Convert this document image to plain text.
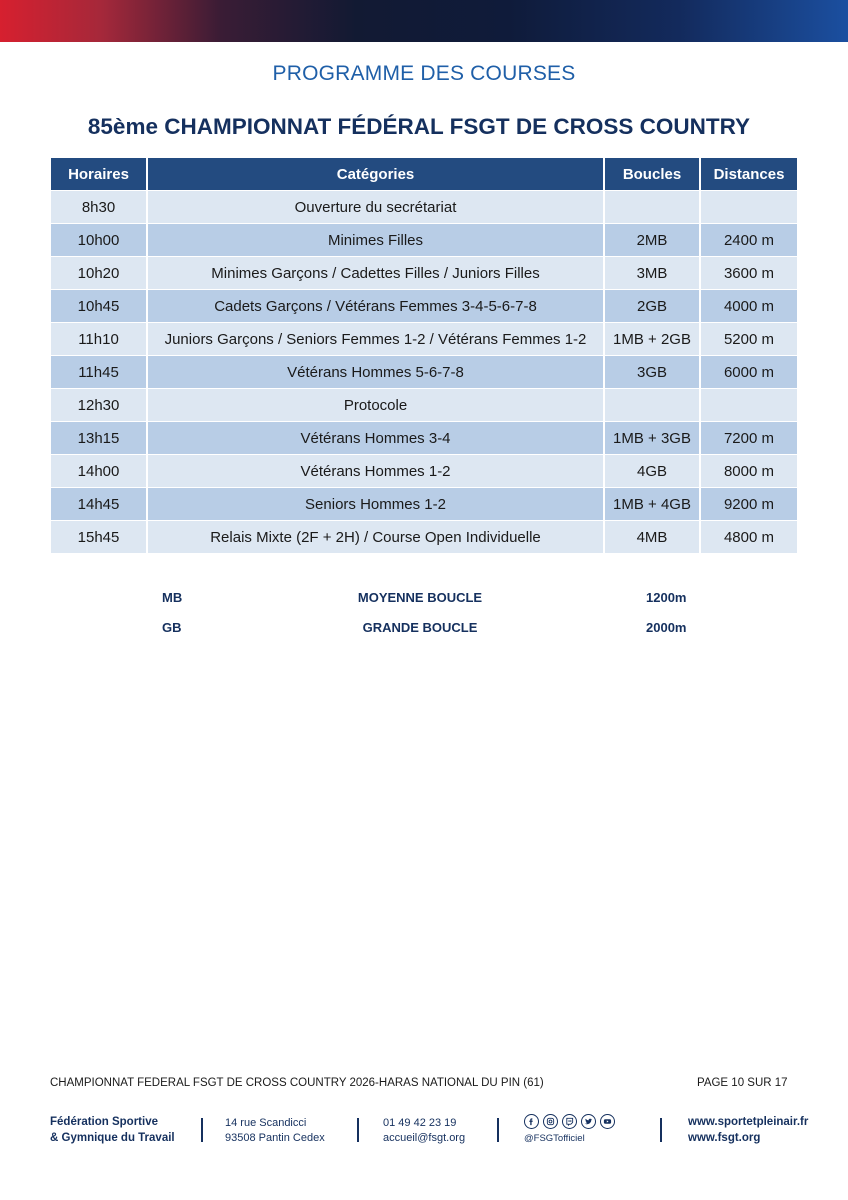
PROGRAMME DES COURSES
85ème CHAMPIONNAT FÉDÉRAL FSGT DE CROSS COUNTRY
Horaires	Catégories	Boucles	Distances
8h30	Ouverture du secrétariat		
10h00	Minimes Filles	2MB	2400 m
10h20	Minimes Garçons / Cadettes Filles / Juniors Filles	3MB	3600 m
10h45	Cadets Garçons / Vétérans Femmes 3-4-5-6-7-8	2GB	4000 m
11h10	Juniors Garçons / Seniors Femmes 1-2 / Vétérans Femmes 1-2	1MB + 2GB	5200 m
11h45	Vétérans Hommes 5-6-7-8	3GB	6000 m
12h30	Protocole		
13h15	Vétérans Hommes 3-4	1MB + 3GB	7200 m
14h00	Vétérans Hommes 1-2	4GB	8000 m
14h45	Seniors Hommes 1-2	1MB + 4GB	9200 m
15h45	Relais Mixte (2F + 2H) / Course Open Individuelle	4MB	4800 m
MB	MOYENNE BOUCLE	1200m
GB	GRANDE BOUCLE	2000m
CHAMPIONNAT FEDERAL FSGT DE CROSS COUNTRY 2026-HARAS NATIONAL DU PIN (61)	PAGE 10 SUR 17
Fédération Sportive
& Gymnique du Travail
14 rue Scandicci
93508 Pantin Cedex
01 49 42 23 19
accueil@fsgt.org	@FSGTofficiel
www.sportetpleinair.fr
www.fsgt.org
